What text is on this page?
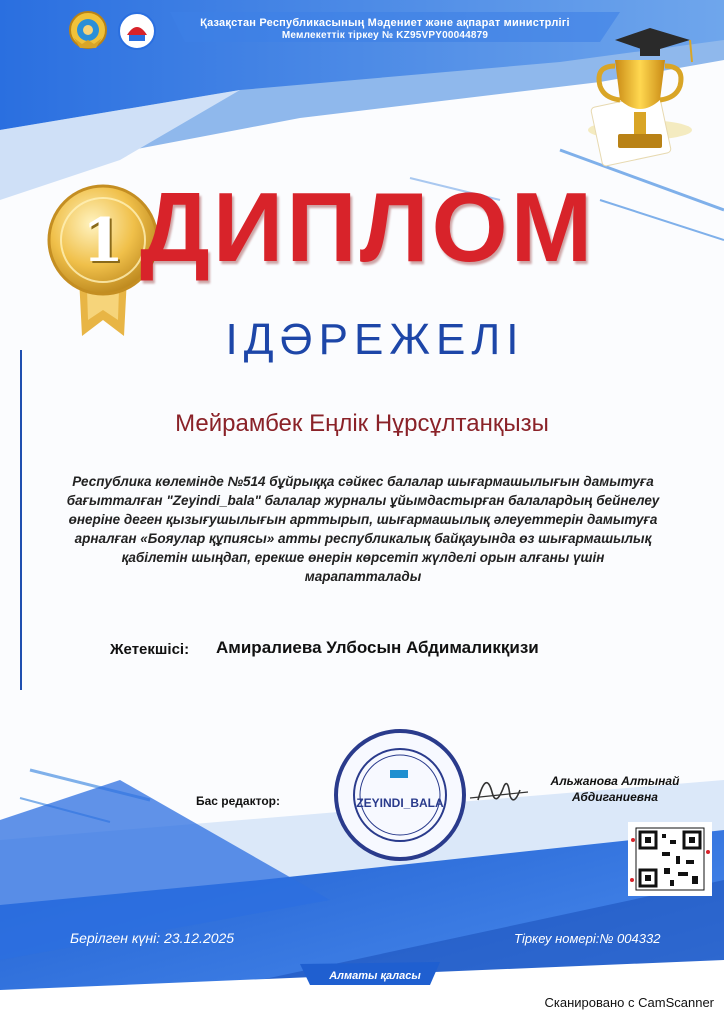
ZEYINDI_BALA
Қазақстан Республикасының Мәдениет және ақпарат министрлігі
Мемлекеттік тіркеу № KZ95VPY00044879
1 ДИПЛОМ
ІДӘРЕЖЕЛІ
Мейрамбек Еңлік Нұрсұлтанқызы
Республика көлемінде №514 бұйрыққа сәйкес балалар шығармашылығын дамытуға
бағытталған "Zeyindi_bala" балалар журналы ұйымдастырған балалардың бейнелеу
өнеріне деген қызығушылығын арттырып, шығармашылық әлеуеттерін дамытуға
арналған «Бояулар құпиясы» атты республикалық байқауында өз шығармашылық
қабілетін шыңдап, ерекше өнерін көрсетіп жүлделі орын алғаны үшін
марапатталады
Жетекшісі: Амиралиева Улбосын Абдималикқизи
Бас редактор:
Альжанова Алтынай
Абдиганиевна
Берілген күні: 23.12.2025	Тіркеу номері:№ 004332
Алматы қаласы
Сканировано с CamScanner
